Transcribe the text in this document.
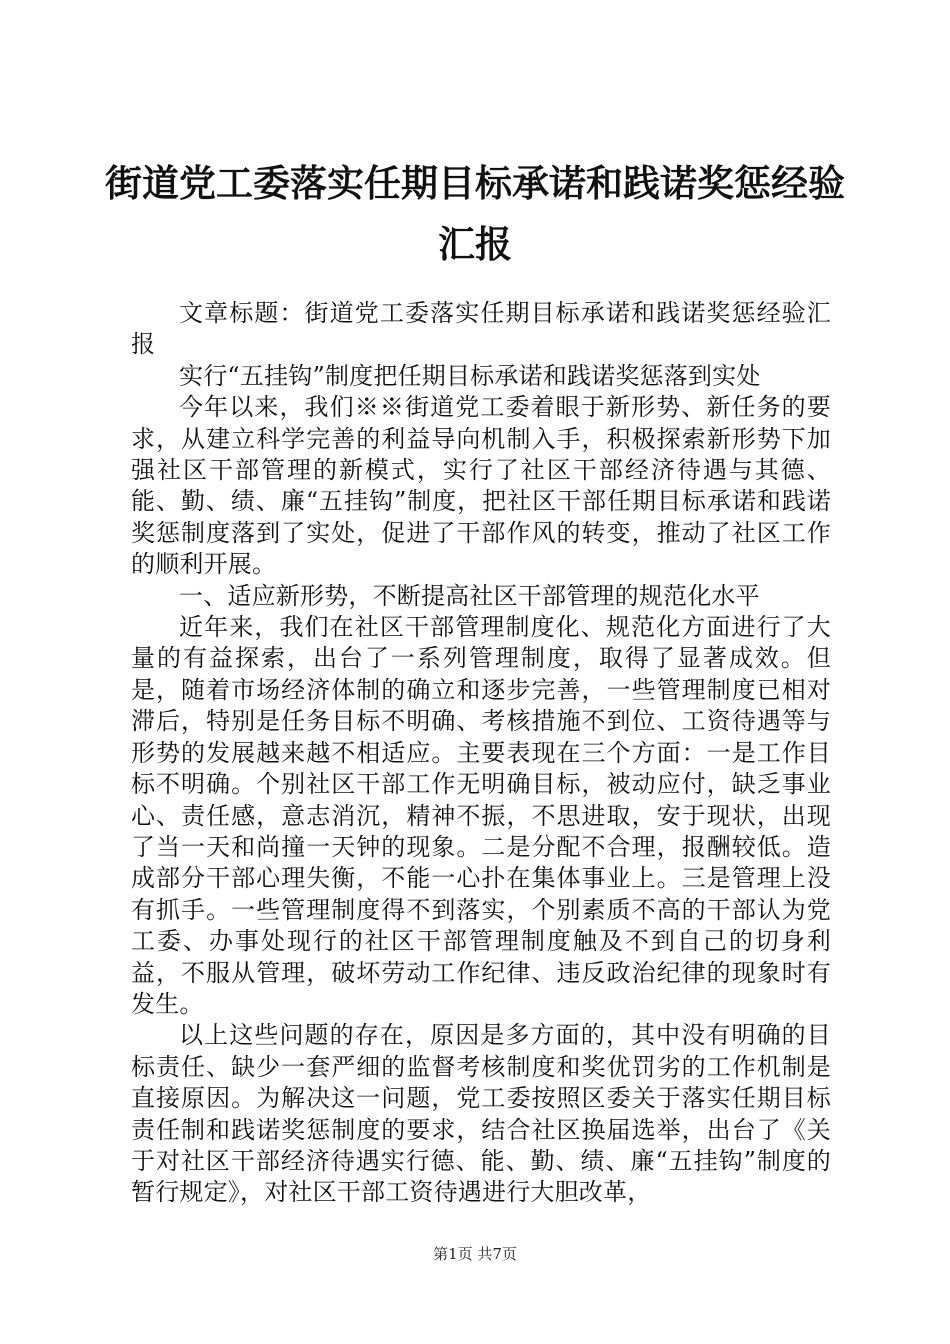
街道党工委落实任期目标承诺和践诺奖惩经验
汇报

文章标题：街道党工委落实任期目标承诺和践诺奖惩经验汇报

实行“五挂钩”制度把任期目标承诺和践诺奖惩落到实处

今年以来，我们※※街道党工委着眼于新形势、新任务的要求，从建立科学完善的利益导向机制入手，积极探索新形势下加强社区干部管理的新模式，实行了社区干部经济待遇与其德、能、勤、绩、廉“五挂钩”制度，把社区干部任期目标承诺和践诺奖惩制度落到了实处，促进了干部作风的转变，推动了社区工作的顺利开展。

一、适应新形势，不断提高社区干部管理的规范化水平

近年来，我们在社区干部管理制度化、规范化方面进行了大量的有益探索，出台了一系列管理制度，取得了显著成效。但是，随着市场经济体制的确立和逐步完善，一些管理制度已相对滞后，特别是任务目标不明确、考核措施不到位、工资待遇等与形势的发展越来越不相适应。主要表现在三个方面：一是工作目标不明确。个别社区干部工作无明确目标，被动应付，缺乏事业心、责任感，意志消沉，精神不振，不思进取，安于现状，出现了当一天和尚撞一天钟的现象。二是分配不合理，报酬较低。造成部分干部心理失衡，不能一心扑在集体事业上。三是管理上没有抓手。一些管理制度得不到落实，个别素质不高的干部认为党工委、办事处现行的社区干部管理制度触及不到自己的切身利益，不服从管理，破坏劳动工作纪律、违反政治纪律的现象时有发生。

以上这些问题的存在，原因是多方面的，其中没有明确的目标责任、缺少一套严细的监督考核制度和奖优罚劣的工作机制是直接原因。为解决这一问题，党工委按照区委关于落实任期目标责任制和践诺奖惩制度的要求，结合社区换届选举，出台了《关于对社区干部经济待遇实行德、能、勤、绩、廉“五挂钩”制度的暂行规定》，对社区干部工资待遇进行大胆改革，

第1页 共7页
